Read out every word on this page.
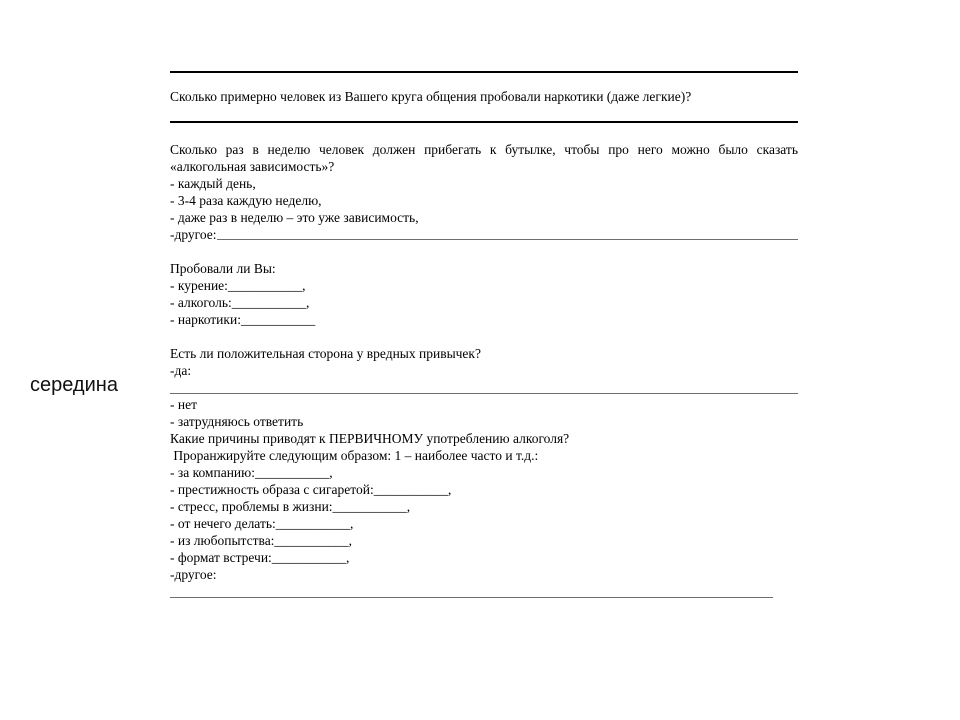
середина
Сколько примерно человек из Вашего круга общения пробовали наркотики (даже легкие)?
Сколько раз в неделю человек должен прибегать к бутылке, чтобы про него можно было сказать
«алкогольная зависимость»?
- каждый день,
- 3-4 раза каждую неделю,
- даже раз в неделю – это уже зависимость,
-другое:
Пробовали ли Вы:
- курение:___________,
- алкоголь:___________,
- наркотики:___________
Есть ли положительная сторона у вредных привычек?
-да:
- нет
- затрудняюсь ответить
Какие причины приводят к ПЕРВИЧНОМУ употреблению алкоголя?
Проранжируйте следующим образом: 1 – наиболее часто и т.д.:
- за компанию:___________,
- престижность образа с сигаретой:___________,
- стресс, проблемы в жизни:___________,
- от нечего делать:___________,
- из любопытства:___________,
- формат встречи:___________,
-другое:
